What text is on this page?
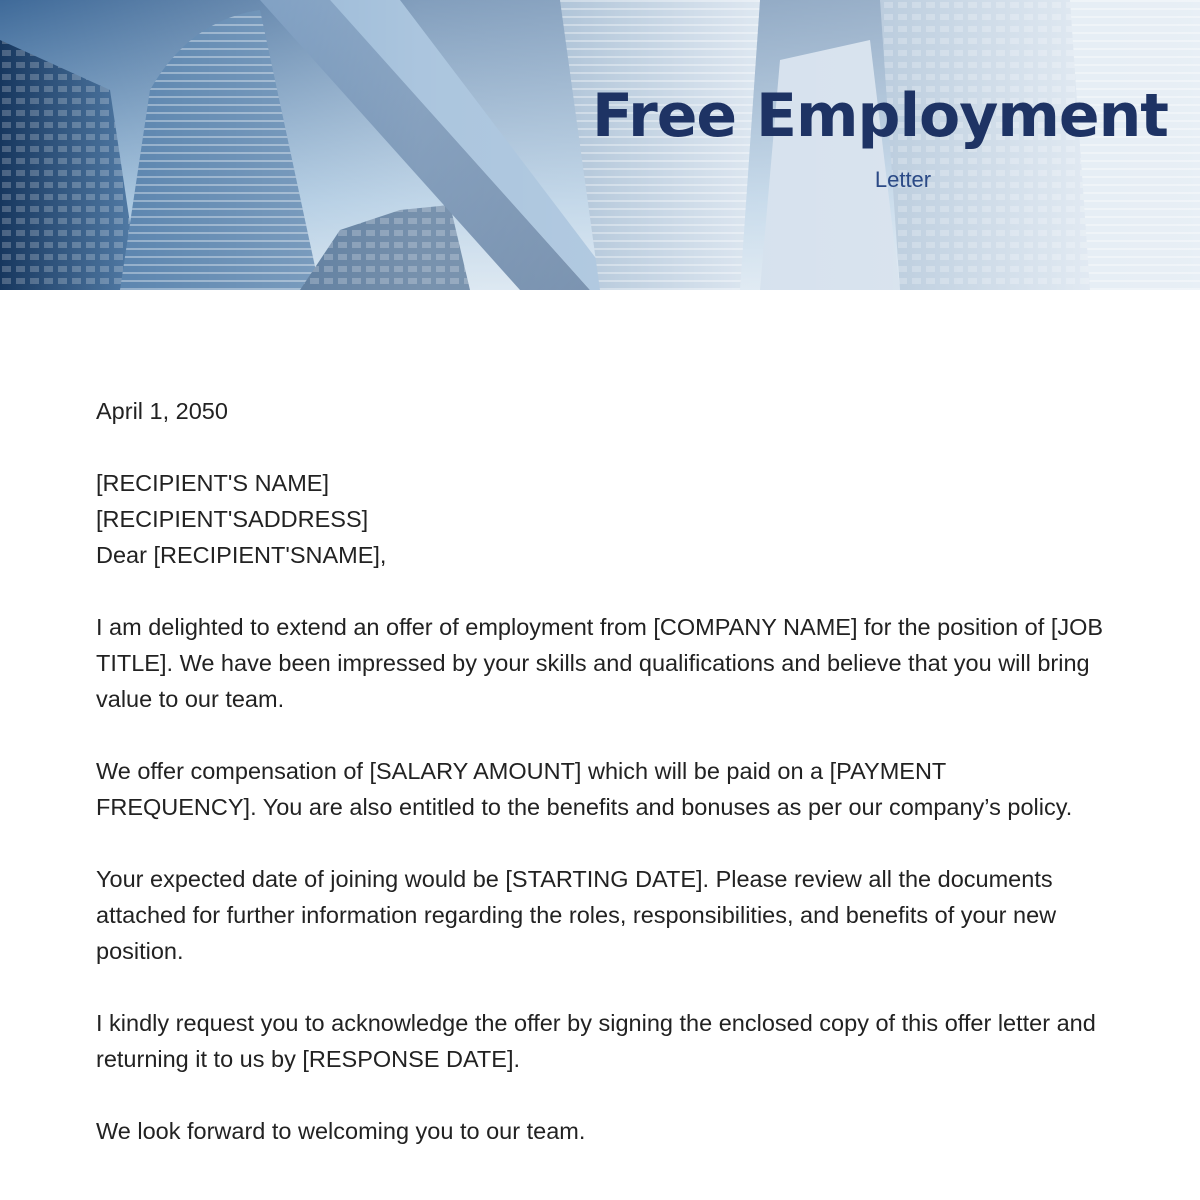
Free Employment
Letter

April 1, 2050

[RECIPIENT'S NAME]
[RECIPIENT'SADDRESS]
Dear [RECIPIENT'SNAME],

I am delighted to extend an offer of employment from [COMPANY NAME] for the position of [JOB TITLE]. We have been impressed by your skills and qualifications and believe that you will bring value to our team.

We offer compensation of [SALARY AMOUNT] which will be paid on a [PAYMENT FREQUENCY]. You are also entitled to the benefits and bonuses as per our company’s policy.

Your expected date of joining would be [STARTING DATE]. Please review all the documents attached for further information regarding the roles, responsibilities, and benefits of your new position.

I kindly request you to acknowledge the offer by signing the enclosed copy of this offer letter and returning it to us by [RESPONSE DATE].

We look forward to welcoming you to our team.
